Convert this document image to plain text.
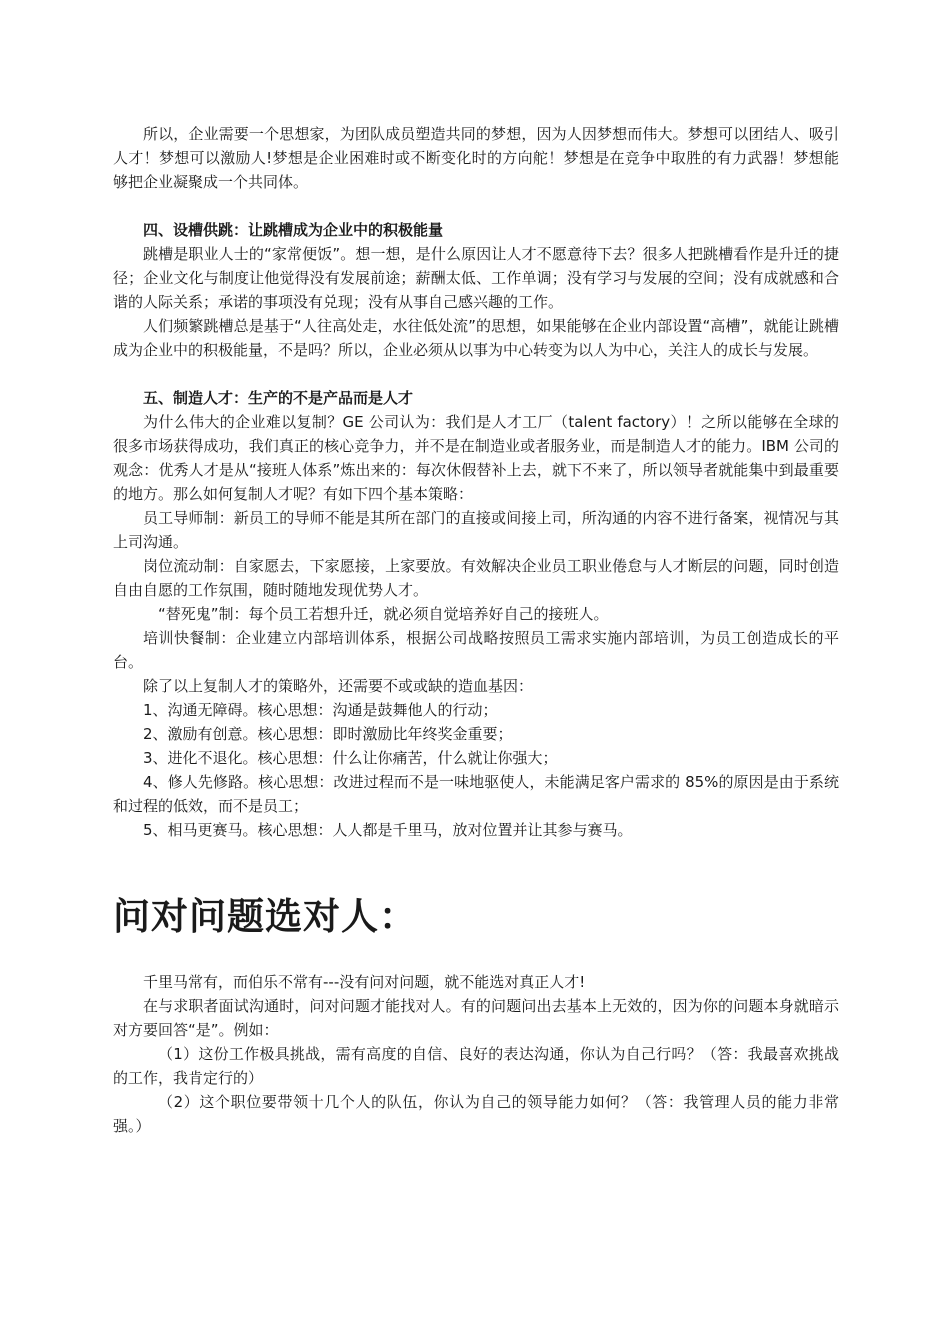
所以，企业需要一个思想家，为团队成员塑造共同的梦想，因为人因梦想而伟大。梦想可以团结人、吸引人才！梦想可以激励人!梦想是企业困难时或不断变化时的方向舵！梦想是在竞争中取胜的有力武器！梦想能够把企业凝聚成一个共同体。

四、设槽供跳：让跳槽成为企业中的积极能量

跳槽是职业人士的“家常便饭”。想一想，是什么原因让人才不愿意待下去？很多人把跳槽看作是升迁的捷径；企业文化与制度让他觉得没有发展前途；薪酬太低、工作单调；没有学习与发展的空间；没有成就感和合谐的人际关系；承诺的事项没有兑现；没有从事自己感兴趣的工作。

人们频繁跳槽总是基于“人往高处走，水往低处流”的思想，如果能够在企业内部设置“高槽”，就能让跳槽成为企业中的积极能量，不是吗？所以，企业必须从以事为中心转变为以人为中心，关注人的成长与发展。

五、制造人才：生产的不是产品而是人才

为什么伟大的企业难以复制？GE 公司认为：我们是人才工厂（talent factory）！之所以能够在全球的很多市场获得成功，我们真正的核心竞争力，并不是在制造业或者服务业，而是制造人才的能力。IBM 公司的观念：优秀人才是从“接班人体系”炼出来的：每次休假替补上去，就下不来了，所以领导者就能集中到最重要的地方。那么如何复制人才呢？有如下四个基本策略：

员工导师制：新员工的导师不能是其所在部门的直接或间接上司，所沟通的内容不进行备案，视情况与其上司沟通。

岗位流动制：自家愿去，下家愿接，上家要放。有效解决企业员工职业倦怠与人才断层的问题，同时创造自由自愿的工作氛围，随时随地发现优势人才。

“替死鬼”制：每个员工若想升迁，就必须自觉培养好自己的接班人。

培训快餐制：企业建立内部培训体系，根据公司战略按照员工需求实施内部培训，为员工创造成长的平台。

除了以上复制人才的策略外，还需要不或或缺的造血基因：

1、沟通无障碍。核心思想：沟通是鼓舞他人的行动；

2、激励有创意。核心思想：即时激励比年终奖金重要；

3、进化不退化。核心思想：什么让你痛苦，什么就让你强大；

4、修人先修路。核心思想：改进过程而不是一味地驱使人，未能满足客户需求的 85%的原因是由于系统和过程的低效，而不是员工；

5、相马更赛马。核心思想：人人都是千里马，放对位置并让其参与赛马。

问对问题选对人：

千里马常有，而伯乐不常有---没有问对问题，就不能选对真正人才!

在与求职者面试沟通时，问对问题才能找对人。有的问题问出去基本上无效的，因为你的问题本身就暗示对方要回答“是”。例如：

（1）这份工作极具挑战，需有高度的自信、良好的表达沟通，你认为自己行吗？（答：我最喜欢挑战的工作，我肯定行的）

（2）这个职位要带领十几个人的队伍，你认为自己的领导能力如何？（答：我管理人员的能力非常强。）
